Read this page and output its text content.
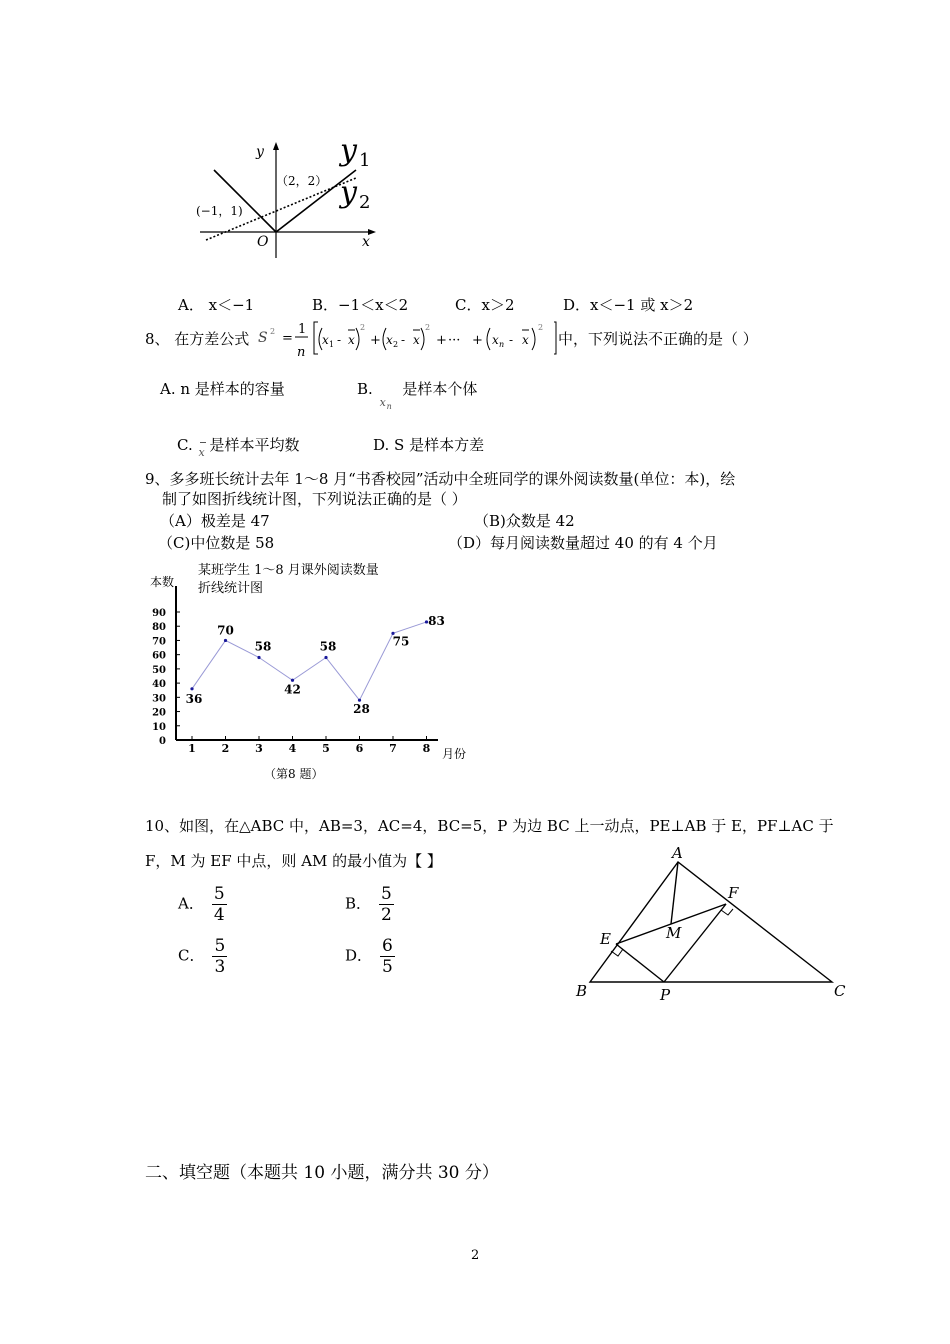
y
x
O
（2，2）
(−1，1)
y $_1$
y $_2$
A． x＜−1	B．−1＜x＜2	C．x＞2	D．x＜−1 或 x＞2
8、 在方差公式 S 2 =
1
n
x 1 - x
2
+ x 2 - x
2
+ ··· + x n - x
2
中，下列说法不正确的是（ ）
A. n 是样本的容量	B.
x n
是样本个体
C. x 是样本平均数	D. S 是样本方差
9、多多班长统计去年 1～8 月“书香校园”活动中全班同学的课外阅读数量(单位：本)，绘
制了如图折线统计图，下列说法正确的是（ ）
（A）极差是 47	（B)众数是 42
（C)中位数是 58	（D）每月阅读数量超过 40 的有 4 个月
某班学生 1～8 月课外阅读数量
折线统计图
本数
月份
（第8 题）
0
10
20
30
40
50
60
70
80
90
1 2 3 4 5 6 7 8
36
70
58
42
58
28
75
83
10、如图，在△ABC 中，AB=3，AC=4，BC=5，P 为边 BC 上一动点，PE⊥AB 于 E，PF⊥AC 于
F，M 为 EF 中点，则 AM 的最小值为【 】
A． $\frac{5}{4}$	B． $\frac{5}{2}$
C． $\frac{5}{3}$	D． $\frac{6}{5}$
A
B	C
E
F
M
P
二、填空题（本题共 10 小题，满分共 30 分）
2
